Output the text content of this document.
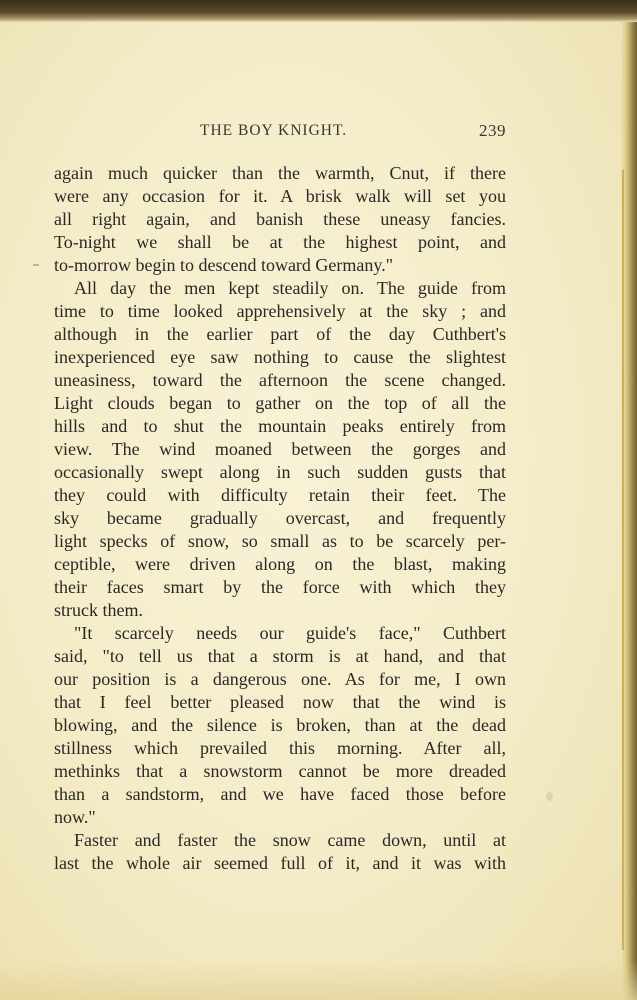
THE BOY KNIGHT.	239
again much quicker than the warmth, Cnut, if there
were any occasion for it. A brisk walk will set you
all right again, and banish these uneasy fancies.
To-night we shall be at the highest point, and
to-morrow begin to descend toward Germany."
All day the men kept steadily on. The guide from
time to time looked apprehensively at the sky ; and
although in the earlier part of the day Cuthbert's
inexperienced eye saw nothing to cause the slightest
uneasiness, toward the afternoon the scene changed.
Light clouds began to gather on the top of all the
hills and to shut the mountain peaks entirely from
view. The wind moaned between the gorges and
occasionally swept along in such sudden gusts that
they could with difficulty retain their feet. The
sky became gradually overcast, and frequently
light specks of snow, so small as to be scarcely per-
ceptible, were driven along on the blast, making
their faces smart by the force with which they
struck them.
"It scarcely needs our guide's face," Cuthbert
said, "to tell us that a storm is at hand, and that
our position is a dangerous one. As for me, I own
that I feel better pleased now that the wind is
blowing, and the silence is broken, than at the dead
stillness which prevailed this morning. After all,
methinks that a snowstorm cannot be more dreaded
than a sandstorm, and we have faced those before
now."
Faster and faster the snow came down, until at
last the whole air seemed full of it, and it was with
